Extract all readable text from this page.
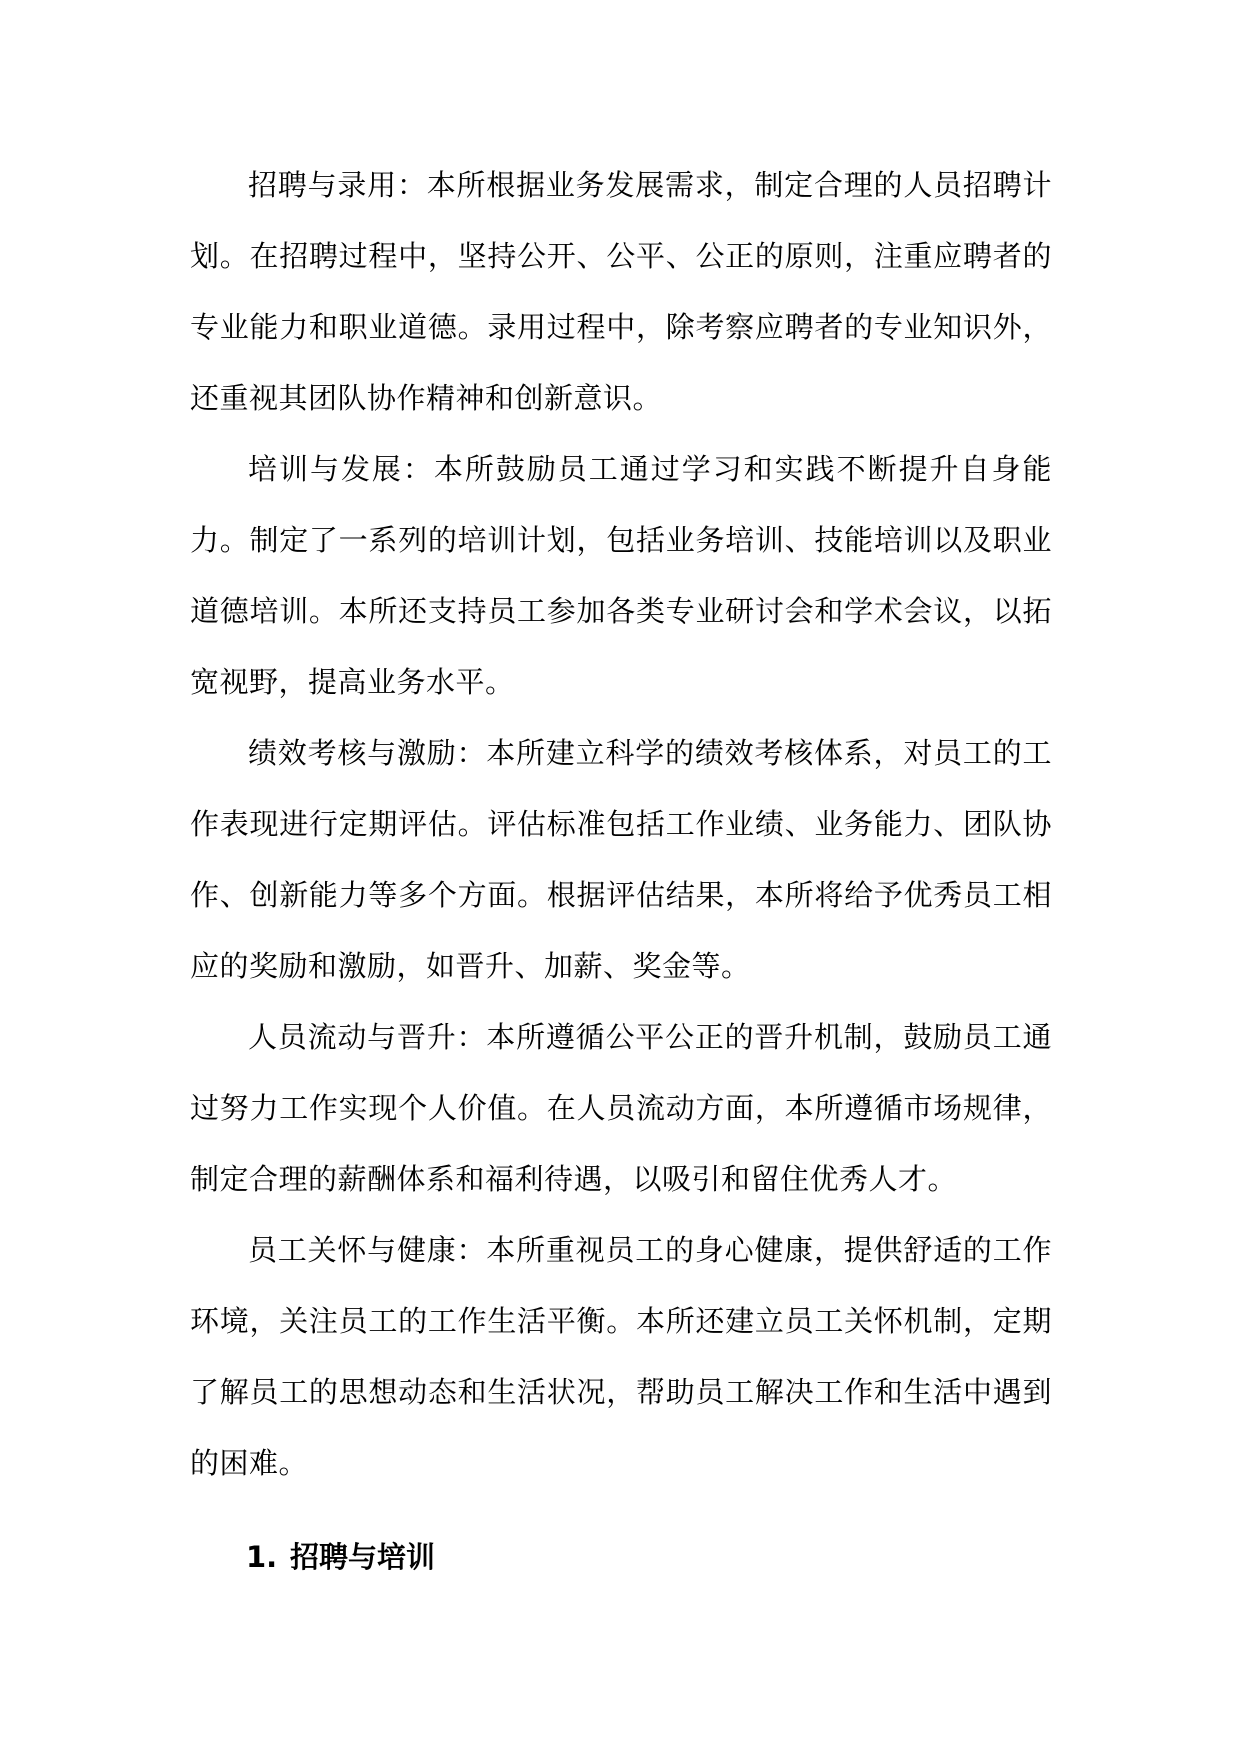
招聘与录用：本所根据业务发展需求，制定合理的人员招聘计划。在招聘过程中，坚持公开、公平、公正的原则，注重应聘者的专业能力和职业道德。录用过程中，除考察应聘者的专业知识外，还重视其团队协作精神和创新意识。

培训与发展：本所鼓励员工通过学习和实践不断提升自身能力。制定了一系列的培训计划，包括业务培训、技能培训以及职业道德培训。本所还支持员工参加各类专业研讨会和学术会议，以拓宽视野，提高业务水平。

绩效考核与激励：本所建立科学的绩效考核体系，对员工的工作表现进行定期评估。评估标准包括工作业绩、业务能力、团队协作、创新能力等多个方面。根据评估结果，本所将给予优秀员工相应的奖励和激励，如晋升、加薪、奖金等。

人员流动与晋升：本所遵循公平公正的晋升机制，鼓励员工通过努力工作实现个人价值。在人员流动方面，本所遵循市场规律，制定合理的薪酬体系和福利待遇，以吸引和留住优秀人才。

员工关怀与健康：本所重视员工的身心健康，提供舒适的工作环境，关注员工的工作生活平衡。本所还建立员工关怀机制，定期了解员工的思想动态和生活状况，帮助员工解决工作和生活中遇到的困难。

1. 招聘与培训
